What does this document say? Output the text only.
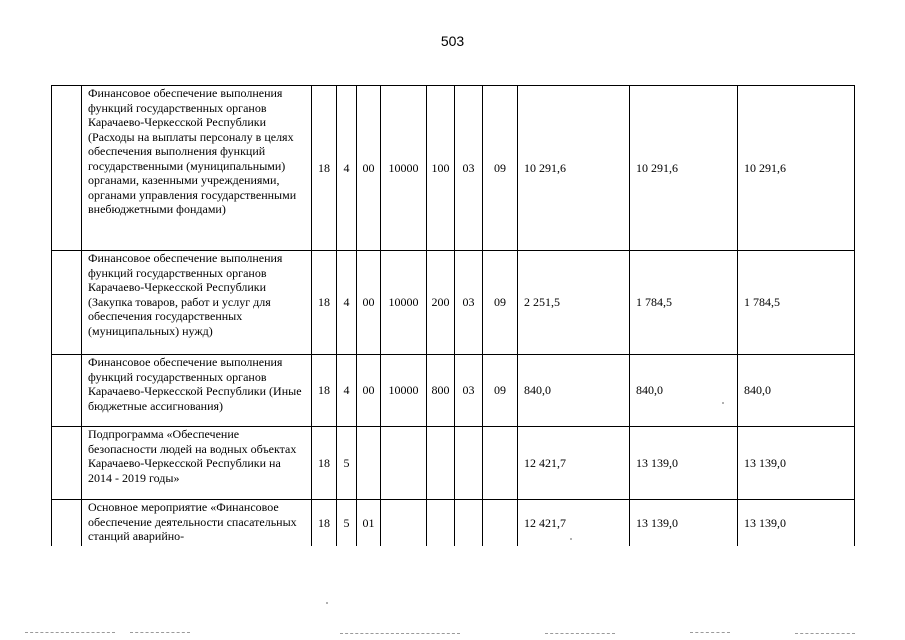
503
	Финансовое обеспечение выполнения функций государственных органов Карачаево-Черкесской Республики (Расходы на выплаты персоналу в целях обеспечения выполнения функций государственными (муниципальными) органами, казенными учреждениями, органами управления государственными внебюджетными фондами)	18	4	00	10000	100	03	09	10 291,6	10 291,6	10 291,6
	Финансовое обеспечение выполнения функций государственных органов Карачаево-Черкесской Республики (Закупка товаров, работ и услуг для обеспечения государственных (муниципальных) нужд)	18	4	00	10000	200	03	09	2 251,5	1 784,5	1 784,5
	Финансовое обеспечение выполнения функций государственных органов Карачаево-Черкесской Республики (Иные бюджетные ассигнования)	18	4	00	10000	800	03	09	840,0	840,0	840,0
	Подпрограмма «Обеспечение безопасности людей на водных объектах Карачаево-Черкесской Республики на 2014 - 2019 годы»	18	5						12 421,7	13 139,0	13 139,0
	Основное мероприятие «Финансовое обеспечение деятельности спасательных станций аварийно-	18	5	01					12 421,7	13 139,0	13 139,0
